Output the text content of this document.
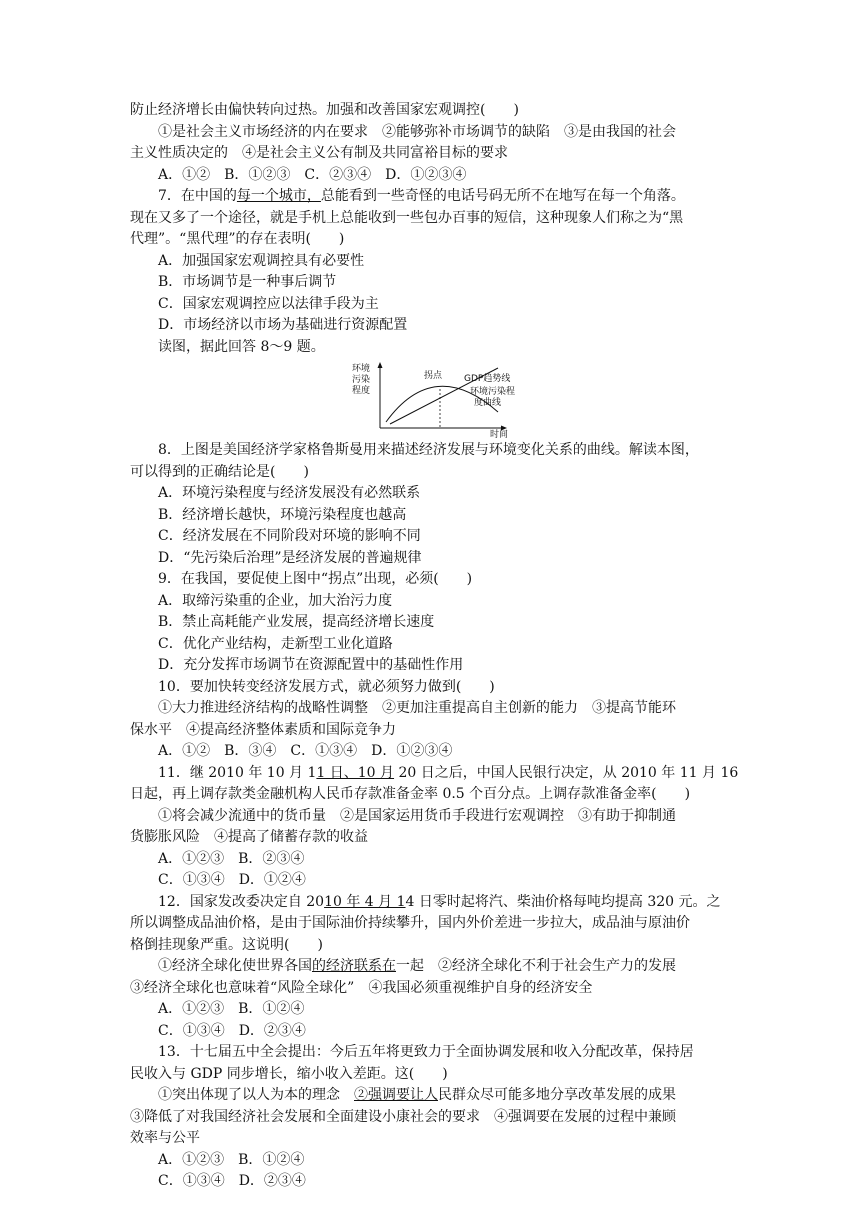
防止经济增长由偏快转向过热。加强和改善国家宏观调控(　　)
①是社会主义市场经济的内在要求　②能够弥补市场调节的缺陷　③是由我国的社会
主义性质决定的　④是社会主义公有制及共同富裕目标的要求
A．①②　B．①②③　C．②③④　D．①②③④
7．在中国的每一个城市，总能看到一些奇怪的电话号码无所不在地写在每一个角落。
现在又多了一个途径，就是手机上总能收到一些包办百事的短信，这种现象人们称之为“黑
代理”。“黑代理”的存在表明(　　)
A．加强国家宏观调控具有必要性
B．市场调节是一种事后调节
C．国家宏观调控应以法律手段为主
D．市场经济以市场为基础进行资源配置
读图，据此回答 8～9 题。
环境
污染
程度
拐点 GDP趋势线
环境污染程
度曲线
时间
8．上图是美国经济学家格鲁斯曼用来描述经济发展与环境变化关系的曲线。解读本图，
可以得到的正确结论是(　　)
A．环境污染程度与经济发展没有必然联系
B．经济增长越快，环境污染程度也越高
C．经济发展在不同阶段对环境的影响不同
D．“先污染后治理”是经济发展的普遍规律
9．在我国，要促使上图中“拐点”出现，必须(　　)
A．取缔污染重的企业，加大治污力度
B．禁止高耗能产业发展，提高经济增长速度
C．优化产业结构，走新型工业化道路
D．充分发挥市场调节在资源配置中的基础性作用
10．要加快转变经济发展方式，就必须努力做到(　　)
①大力推进经济结构的战略性调整　②更加注重提高自主创新的能力　③提高节能环
保水平　④提高经济整体素质和国际竞争力
A．①②　B．③④　C．①③④　D．①②③④
11．继 2010 年 10 月 11 日、10 月 20 日之后，中国人民银行决定，从 2010 年 11 月 16
日起，再上调存款类金融机构人民币存款准备金率 0.5 个百分点。上调存款准备金率(　　)
①将会减少流通中的货币量　②是国家运用货币手段进行宏观调控　③有助于抑制通
货膨胀风险　④提高了储蓄存款的收益
A．①②③　B．②③④
C．①③④　D．①②④
12．国家发改委决定自 2010 年 4 月 14 日零时起将汽、柴油价格每吨均提高 320 元。之
所以调整成品油价格，是由于国际油价持续攀升，国内外价差进一步拉大，成品油与原油价
格倒挂现象严重。这说明(　　)
①经济全球化使世界各国的经济联系在一起　②经济全球化不利于社会生产力的发展
③经济全球化也意味着“风险全球化”　④我国必须重视维护自身的经济安全
A．①②③　B．①②④
C．①③④　D．②③④
13．十七届五中全会提出：今后五年将更致力于全面协调发展和收入分配改革，保持居
民收入与 GDP 同步增长，缩小收入差距。这(　　)
①突出体现了以人为本的理念　②强调要让人民群众尽可能多地分享改革发展的成果
③降低了对我国经济社会发展和全面建设小康社会的要求　④强调要在发展的过程中兼顾
效率与公平
A．①②③　B．①②④
C．①③④　D．②③④
